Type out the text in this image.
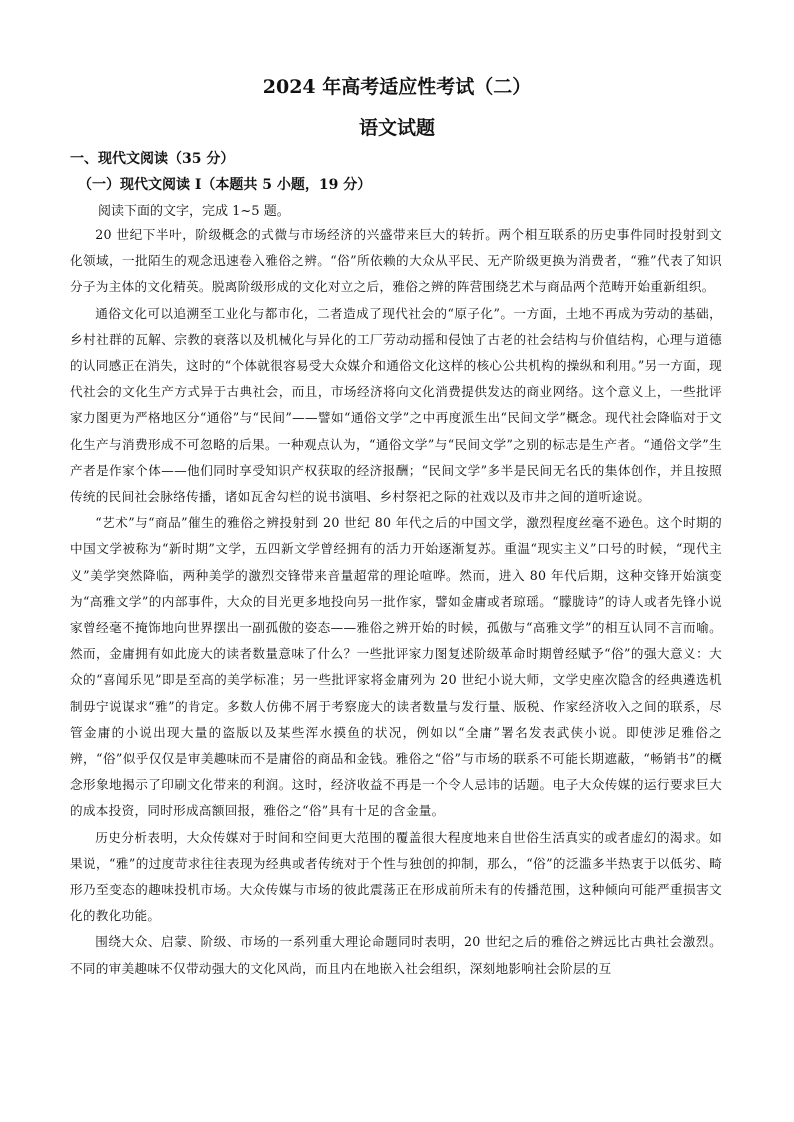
2024 年高考适应性考试（二）
语文试题
一、现代文阅读（35 分）
（一）现代文阅读 I（本题共 5 小题，19 分）
阅读下面的文字，完成 1~5 题。

20 世纪下半叶，阶级概念的式微与市场经济的兴盛带来巨大的转折。两个相互联系的历史事件同时投射到文化领域，一批陌生的观念迅速卷入雅俗之辨。“俗”所依赖的大众从平民、无产阶级更换为消费者，“雅”代表了知识分子为主体的文化精英。脱离阶级形成的文化对立之后，雅俗之辨的阵营围绕艺术与商品两个范畴开始重新组织。

通俗文化可以追溯至工业化与都市化，二者造成了现代社会的“原子化”。一方面，土地不再成为劳动的基础，乡村社群的瓦解、宗教的衰落以及机械化与异化的工厂劳动动摇和侵蚀了古老的社会结构与价值结构，心理与道德的认同感正在消失，这时的“个体就很容易受大众媒介和通俗文化这样的核心公共机构的操纵和利用。”另一方面，现代社会的文化生产方式异于古典社会，而且，市场经济将向文化消费提供发达的商业网络。这个意义上，一些批评家力图更为严格地区分“通俗”与“民间”——譬如“通俗文学”之中再度派生出“民间文学”概念。现代社会降临对于文化生产与消费形成不可忽略的后果。一种观点认为，“通俗文学”与“民间文学”之别的标志是生产者。“通俗文学”生产者是作家个体——他们同时享受知识产权获取的经济报酬；“民间文学”多半是民间无名氏的集体创作，并且按照传统的民间社会脉络传播，诸如瓦舍勾栏的说书演唱、乡村祭祀之际的社戏以及市井之间的道听途说。

“艺术”与“商品”催生的雅俗之辨投射到 20 世纪 80 年代之后的中国文学，激烈程度丝毫不逊色。这个时期的中国文学被称为“新时期”文学，五四新文学曾经拥有的活力开始逐渐复苏。重温“现实主义”口号的时候，“现代主义”美学突然降临，两种美学的激烈交锋带来音量超常的理论喧哗。然而，进入 80 年代后期，这种交锋开始演变为“高雅文学”的内部事件，大众的目光更多地投向另一批作家，譬如金庸或者琼瑶。“朦胧诗”的诗人或者先锋小说家曾经毫不掩饰地向世界摆出一副孤傲的姿态——雅俗之辨开始的时候，孤傲与“高雅文学”的相互认同不言而喻。然而，金庸拥有如此庞大的读者数量意味了什么？一些批评家力图复述阶级革命时期曾经赋予“俗”的强大意义：大众的“喜闻乐见”即是至高的美学标准；另一些批评家将金庸列为 20 世纪小说大师，文学史座次隐含的经典遴选机制毋宁说谋求“雅”的肯定。多数人仿佛不屑于考察庞大的读者数量与发行量、版税、作家经济收入之间的联系，尽管金庸的小说出现大量的盗版以及某些浑水摸鱼的状况，例如以“全庸”署名发表武侠小说。即使涉足雅俗之辨，“俗”似乎仅仅是审美趣味而不是庸俗的商品和金钱。雅俗之“俗”与市场的联系不可能长期遮蔽，“畅销书”的概念形象地揭示了印刷文化带来的利润。这时，经济收益不再是一个令人忌讳的话题。电子大众传媒的运行要求巨大的成本投资，同时形成高额回报，雅俗之“俗”具有十足的含金量。

历史分析表明，大众传媒对于时间和空间更大范围的覆盖很大程度地来自世俗生活真实的或者虚幻的渴求。如果说，“雅”的过度苛求往往表现为经典或者传统对于个性与独创的抑制，那么，“俗”的泛滥多半热衷于以低劣、畸形乃至变态的趣味投机市场。大众传媒与市场的彼此震荡正在形成前所未有的传播范围，这种倾向可能严重损害文化的教化功能。

围绕大众、启蒙、阶级、市场的一系列重大理论命题同时表明，20 世纪之后的雅俗之辨远比古典社会激烈。不同的审美趣味不仅带动强大的文化风尚，而且内在地嵌入社会组织，深刻地影响社会阶层的互
